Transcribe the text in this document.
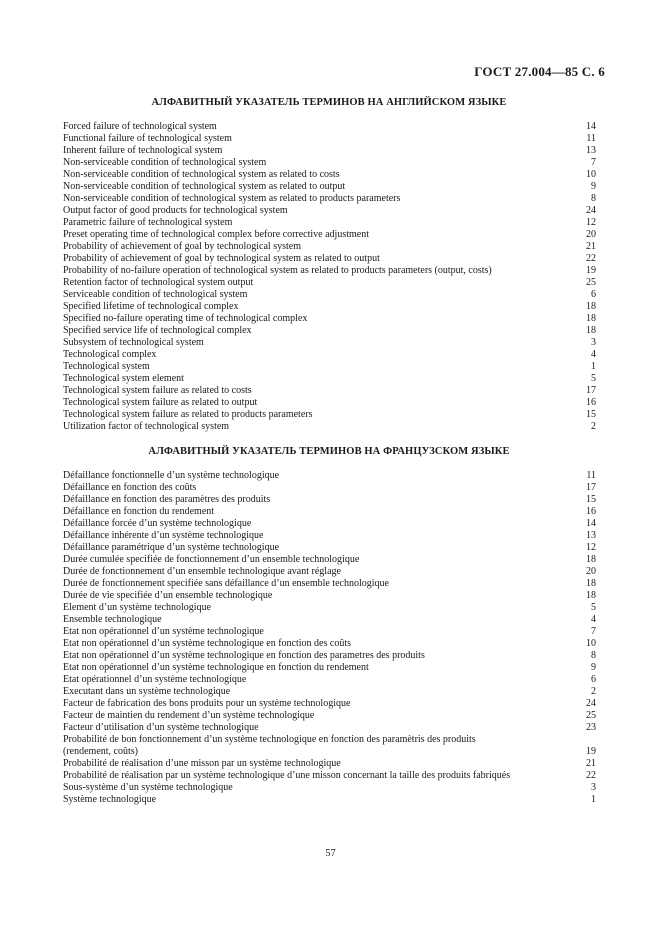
ГОСТ 27.004—85 С. 6
АЛФАВИТНЫЙ УКАЗАТЕЛЬ ТЕРМИНОВ НА АНГЛИЙСКОМ ЯЗЫКЕ
Forced failure of technological system	14
Functional failure of technological system	11
Inherent failure of technological system	13
Non-serviceable condition of technological system	7
Non-serviceable condition of technological system as related to costs	10
Non-serviceable condition of technological system as related to output	9
Non-serviceable condition of technological system as related to products parameters	8
Output factor of good products for technological system	24
Parametric failure of technological system	12
Preset operating time of technological complex before corrective adjustment	20
Probability of achievement of goal by technological system	21
Probability of achievement of goal by technological system as related to output	22
Probability of no-failure operation of technological system as related to products parameters (output, costs)	19
Retention factor of technological system output	25
Serviceable condition of technological system	6
Specified lifetime of technological complex	18
Specified no-failure operating time of technological complex	18
Specified service life of technological complex	18
Subsystem of technological system	3
Technological complex	4
Technological system	1
Technological system element	5
Technological system failure as related to costs	17
Technological system failure as related to output	16
Technological system failure as related to products parameters	15
Utilization factor of technological system	2
АЛФАВИТНЫЙ УКАЗАТЕЛЬ ТЕРМИНОВ НА ФРАНЦУЗСКОМ ЯЗЫКЕ
Défaillance fonctionnelle d’un système technologique	11
Défaillance en fonction des coûts	17
Défaillance en fonction des paramètres des produits	15
Défaillance en fonction du rendement	16
Défaillance forcée d’un système technologique	14
Défaillance inhérente d’un système technologique	13
Défaillance paramétrique d’un système technologique	12
Durée cumulée specifiée de fonctionnement d’un ensemble technologique	18
Durée de fonctionnement d’un ensemble technologique avant réglage	20
Durée de fonctionnement specifiée sans défaillance d’un ensemble technologique	18
Durée de vie specifiée d’un ensemble technologique	18
Element d’un système technologique	5
Ensemble technologique	4
Etat non opérationnel d’un système technologique	7
Etat non opérationnel d’un système technologique en fonction des coûts	10
Etat non opérationnel d’un système technologique en fonction des parametres des produits	8
Etat non opérationnel d’un système technologique en fonction du rendement	9
Etat opérationnel d’un système technologique	6
Executant dans un système technologique	2
Facteur de fabrication des bons produits pour un système technologique	24
Facteur de maintien du rendement d’un système technologique	25
Facteur d’utilisation d’un système technologique	23
Probabilité de bon fonctionnement d’un système technologique en fonction des paramètris des produits
(rendement, coûts)	19
Probabilité de réalisation d’une misson par un système technologique	21
Probabilité de réalisation par un système technologique d’une misson concernant la taille des produits fabriqués	22
Sous-système d’un système technologique	3
Système technologique	1
57
